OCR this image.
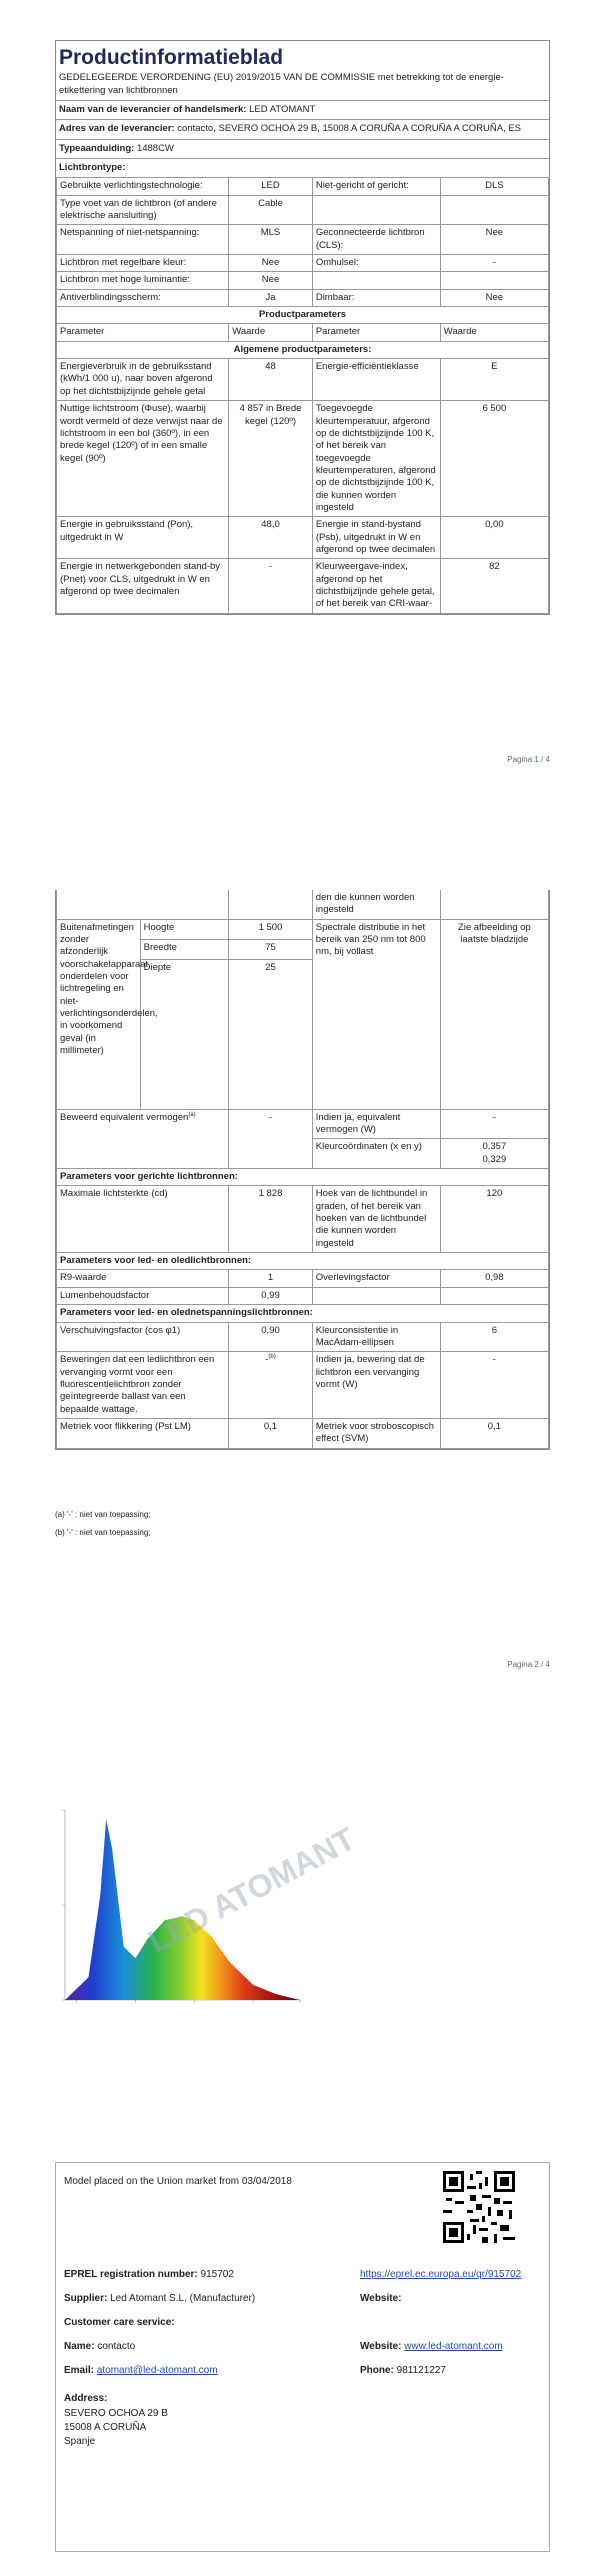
Productinformatieblad
GEDELEGEERDE VERORDENING (EU) 2019/2015 VAN DE COMMISSIE met betrekking tot de energie-etikettering van lichtbronnen
Naam van de leverancier of handelsmerk: LED ATOMANT
Adres van de leverancier: contacto, SEVERO OCHOA 29 B, 15008 A CORUÑA A CORUÑA A CORUÑA, ES
Typeaanduiding: 1488CW
Lichtbrontype:
Gebruikte verlichtingstechnologie:	LED	Niet-gericht of gericht:	DLS
Type voet van de lichtbron (of andere elektrische aansluiting)	Cable		
Netspanning of niet-netspanning:	MLS	Geconnecteerde lichtbron (CLS):	Nee
Lichtbron met regelbare kleur:	Nee	Omhulsel:	-
Lichtbron met hoge luminantie:	Nee		
Antiverblindingsscherm:	Ja	Dimbaar:	Nee
Productparameters			
Parameter	Waarde	Parameter	Waarde
Algemene productparameters:			
Energieverbruik in de gebruiksstand (kWh/1 000 u), naar boven afgerond op het dichtstbijzijnde gehele getal	48	Energie-efficiëntieklasse	E
Nuttige lichtstroom (Φuse), waarbij wordt vermeld of deze verwijst naar de lichtstroom in een bol (360º), in een brede kegel (120º) of in een smalle kegel (90º)	4 857 in Brede kegel (120º)	Toegevoegde kleurtemperatuur, afgerond op de dichtstbijzijnde 100 K, of het bereik van toegevoegde kleurtemperaturen, afgerond op de dichtstbijzijnde 100 K, die kunnen worden ingesteld	6 500
Energie in gebruiksstand (Pon), uitgedrukt in W	48,0	Energie in stand-bystand (Psb), uitgedrukt in W en afgerond op twee decimalen	0,00
Energie in netwerkgebonden stand-by (Pnet) voor CLS, uitgedrukt in W en afgerond op twee decimalen	-	Kleurweergave-index, afgerond op het dichtstbijzijnde gehele getal, of het bereik van CRI-waar-	82
Pagina 1 / 4
			den die kunnen worden ingesteld	
Buitenafmetingen zonder afzonderlijk voorschakelapparaat, onderdelen voor lichtregeling en niet-verlichtingsonderdelen, in voorkomend geval (in millimeter)	Hoogte	1 500	Spectrale distributie in het bereik van 250 nm tot 800 nm, bij vollast	Zie afbeelding op laatste bladzijde
	Breedte	75		
	Diepte	25		
Beweerd equivalent vermogen$^{(a)}$		-	Indien ja, equivalent vermogen (W)	-
			Kleurcoördinaten (x en y)	0,357
0,329

Parameters voor gerichte lichtbronnen:				
Maximale lichtsterkte (cd)		1 828	Hoek van de lichtbundel in graden, of het bereik van hoeken van de lichtbundel die kunnen worden ingesteld	120
Parameters voor led- en oledlichtbronnen:				
R9-waarde		1	Overlevingsfactor	0,98
Lumenbehoudsfactor		0,99		
Parameters voor led- en olednetspanningslichtbronnen:				
Verschuivingsfactor (cos φ1)		0,90	Kleurconsistentie in MacAdam-ellipsen	6
Beweringen dat een ledlichtbron een vervanging vormt voor een fluorescentielichtbron zonder geïntegreerde ballast van een bepaalde wattage.		-$^{(b)}$	Indien ja, bewering dat de lichtbron een vervanging vormt (W)	-
Metriek voor flikkering (Pst LM)		0,1	Metriek voor stroboscopisch effect (SVM)	0,1
(a) '-' : niet van toepassing;
(b) '-' : niet van toepassing;
Pagina 2 / 4
LED ATOMANT
Model placed on the Union market from 03/04/2018
EPREL registration number: 915702	https://eprel.ec.europa.eu/qr/915702
Supplier: Led Atomant S.L. (Manufacturer)	Website:
Customer care service:
Name: contacto	Website: www.led-atomant.com
Email: atomant@led-atomant.com	Phone: 981121227
Address:
SEVERO OCHOA 29 B
15008 A CORUÑA
Spanje
